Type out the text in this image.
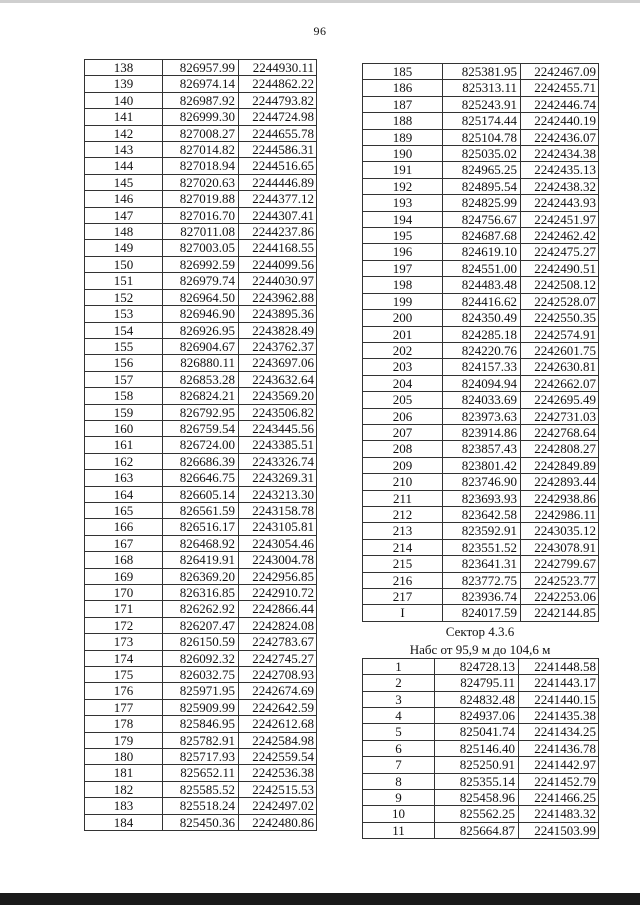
96
138	826957.99	2244930.11
139	826974.14	2244862.22
140	826987.92	2244793.82
141	826999.30	2244724.98
142	827008.27	2244655.78
143	827014.82	2244586.31
144	827018.94	2244516.65
145	827020.63	2244446.89
146	827019.88	2244377.12
147	827016.70	2244307.41
148	827011.08	2244237.86
149	827003.05	2244168.55
150	826992.59	2244099.56
151	826979.74	2244030.97
152	826964.50	2243962.88
153	826946.90	2243895.36
154	826926.95	2243828.49
155	826904.67	2243762.37
156	826880.11	2243697.06
157	826853.28	2243632.64
158	826824.21	2243569.20
159	826792.95	2243506.82
160	826759.54	2243445.56
161	826724.00	2243385.51
162	826686.39	2243326.74
163	826646.75	2243269.31
164	826605.14	2243213.30
165	826561.59	2243158.78
166	826516.17	2243105.81
167	826468.92	2243054.46
168	826419.91	2243004.78
169	826369.20	2242956.85
170	826316.85	2242910.72
171	826262.92	2242866.44
172	826207.47	2242824.08
173	826150.59	2242783.67
174	826092.32	2242745.27
175	826032.75	2242708.93
176	825971.95	2242674.69
177	825909.99	2242642.59
178	825846.95	2242612.68
179	825782.91	2242584.98
180	825717.93	2242559.54
181	825652.11	2242536.38
182	825585.52	2242515.53
183	825518.24	2242497.02
184	825450.36	2242480.86
185	825381.95	2242467.09
186	825313.11	2242455.71
187	825243.91	2242446.74
188	825174.44	2242440.19
189	825104.78	2242436.07
190	825035.02	2242434.38
191	824965.25	2242435.13
192	824895.54	2242438.32
193	824825.99	2242443.93
194	824756.67	2242451.97
195	824687.68	2242462.42
196	824619.10	2242475.27
197	824551.00	2242490.51
198	824483.48	2242508.12
199	824416.62	2242528.07
200	824350.49	2242550.35
201	824285.18	2242574.91
202	824220.76	2242601.75
203	824157.33	2242630.81
204	824094.94	2242662.07
205	824033.69	2242695.49
206	823973.63	2242731.03
207	823914.86	2242768.64
208	823857.43	2242808.27
209	823801.42	2242849.89
210	823746.90	2242893.44
211	823693.93	2242938.86
212	823642.58	2242986.11
213	823592.91	2243035.12
214	823551.52	2243078.91
215	823641.31	2242799.67
216	823772.75	2242523.77
217	823936.74	2242253.06
I	824017.59	2242144.85
Сектор 4.3.6
Набс от 95,9 м до 104,6 м
1	824728.13	2241448.58
2	824795.11	2241443.17
3	824832.48	2241440.15
4	824937.06	2241435.38
5	825041.74	2241434.25
6	825146.40	2241436.78
7	825250.91	2241442.97
8	825355.14	2241452.79
9	825458.96	2241466.25
10	825562.25	2241483.32
11	825664.87	2241503.99
